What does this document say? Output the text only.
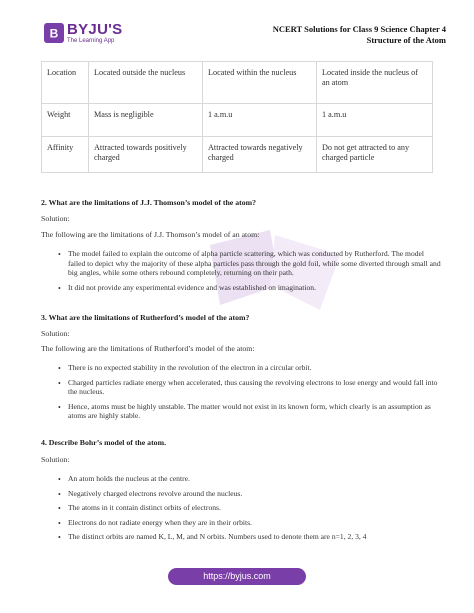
B BYJU'S
The Learning App
NCERT Solutions for Class 9 Science Chapter 4
Structure of the Atom
Location	Located outside the nucleus	Located within the nucleus	Located inside the nucleus of an atom
Weight	Mass is negligible	1 a.m.u	1 a.m.u
Affinity	Attracted towards positively charged	Attracted towards negatively charged	Do not get attracted to any charged particle
2. What are the limitations of J.J. Thomson’s model of the atom?
Solution:
The following are the limitations of J.J. Thomson’s model of an atom:
• The model failed to explain the outcome of alpha particle scattering, which was conducted by Rutherford. The model failed to depict why the majority of these alpha particles pass through the gold foil, while some diverted through small and big angles, while some others rebound completely, returning on their path.
• It did not provide any experimental evidence and was established on imagination.
3. What are the limitations of Rutherford’s model of the atom?
Solution:
The following are the limitations of Rutherford’s model of the atom:
• There is no expected stability in the revolution of the electron in a circular orbit.
• Charged particles radiate energy when accelerated, thus causing the revolving electrons to lose energy and would fall into the nucleus.
• Hence, atoms must be highly unstable. The matter would not exist in its known form, which clearly is an assumption as atoms are highly stable.
4. Describe Bohr’s model of the atom.
Solution:
• An atom holds the nucleus at the centre.
• Negatively charged electrons revolve around the nucleus.
• The atoms in it contain distinct orbits of electrons.
• Electrons do not radiate energy when they are in their orbits.
• The distinct orbits are named K, L, M, and N orbits. Numbers used to denote them are n=1, 2, 3, 4
https://byjus.com
